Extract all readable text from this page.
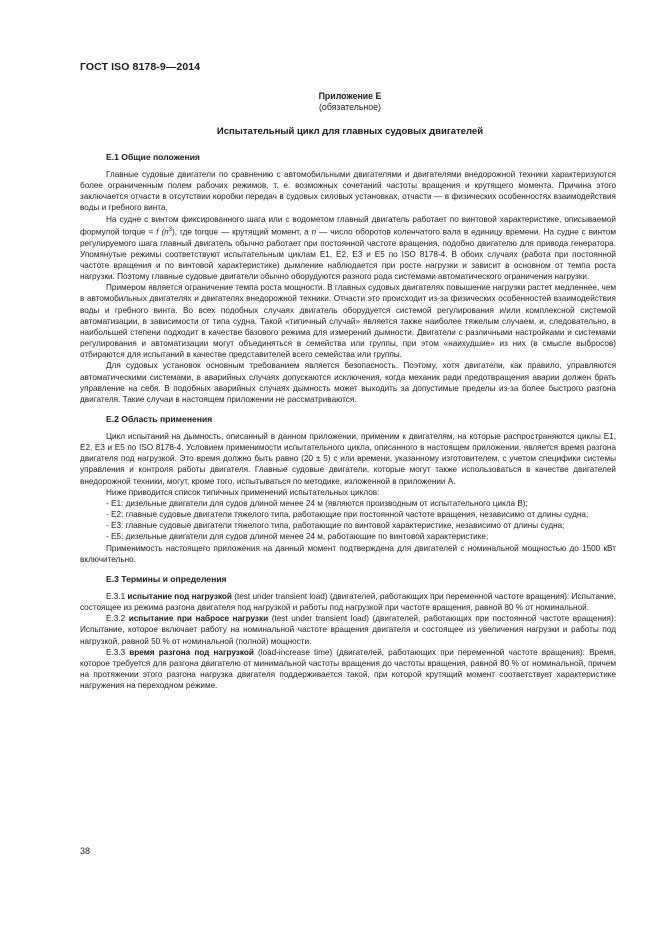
ГОСТ ISO 8178-9—2014
Приложение Е
(обязательное)
Испытательный цикл для главных судовых двигателей
Е.1 Общие положения

Главные судовые двигатели по сравнению с автомобильными двигателями и двигателями внедорожной техники характеризуются более ограниченным полем рабочих режимов, т. е. возможных сочетаний частоты вращения и крутящего момента. Причина этого заключается отчасти в отсутствии коробки передач в судовых силовых установках, отчасти — в физических особенностях взаимодействия воды и гребного винта.

На судне с винтом фиксированного шага или с водометом главный двигатель работает по винтовой характеристике, описываемой формулой torque = f $(n^3)$, где torque — крутящий момент, а n — число оборотов коленчатого вала в единицу времени. На судне с винтом регулируемого шага главный двигатель обычно работает при постоянной частоте вращения, подобно двигателю для привода генератора. Упомянутые режимы соответствуют испытательным циклам Е1, Е2, Е3 и Е5 по ISO 8178-4. В обоих случаях (работа при постоянной частоте вращения и по винтовой характеристике) дымление наблюдается при росте нагрузки и зависит в основном от темпа роста нагрузки. Поэтому главные судовые двигатели обычно оборудуются разного рода системами автоматического ограничения нагрузки.

Примером является ограничение темпа роста мощности. В главных судовых двигателях повышение нагрузки растет медленнее, чем в автомобильных двигателях и двигателях внедорожной техники. Отчасти это происходит из-за физических особенностей взаимодействия воды и гребного винта. Во всех подобных случаях двигатель оборудуется системой регулирования и/или комплексной системой автоматизации, в зависимости от типа судна. Такой «типичный случай» является также наиболее тяжелым случаем, и, следовательно, в наибольшей степени подходит в качестве базового режима для измерений дымности. Двигатели с различными настройками и системами регулирования и автоматизации могут объединяться в семейства или группы, при этом «наихудшие» из них (в смысле выбросов) отбираются для испытаний в качестве представителей всего семейства или группы.

Для судовых установок основным требованием является безопасность. Поэтому, хотя двигатели, как правило, управляются автоматическими системами, в аварийных случаях допускаются исключения, когда механик ради предотвращения аварии должен брать управление на себя. В подобных аварийных случаях дымность может выходить за допустимые пределы из-за более быстрого разгона двигателя. Такие случаи в настоящем приложении не рассматриваются.

Е.2 Область применения

Цикл испытаний на дымность, описанный в данном приложении, применим к двигателям, на которые распространяются циклы Е1, Е2, Е3 и Е5 по ISO 8178-4. Условием применимости испытательного цикла, описанного в настоящем приложении, является время разгона двигателя под нагрузкой. Это время должно быть равно (20 ± 5) с или времени, указанному изготовителем, с учетом специфики системы управления и контроля работы двигателя. Главные судовые двигатели, которые могут также использоваться в качестве двигателей внедорожной техники, могут, кроме того, испытываться по методике, изложенной в приложении А.

Ниже приводится список типичных применений испытательных циклов:

- Е1: дизельные двигатели для судов длиной менее 24 м (являются производным от испытательного цикла В);

- Е2: главные судовые двигатели тяжелого типа, работающие при постоянной частоте вращения, независимо от длины судна;

- Е3: главные судовые двигатели тяжелого типа, работающие по винтовой характеристике, независимо от длины судна;

- Е5: дизельные двигатели для судов длиной менее 24 м, работающие по винтовой характеристике;

Применимость настоящего приложения на данный момент подтверждена для двигателей с номинальной мощностью до 1500 кВт включительно.

Е.3 Термины и определения

Е.3.1 испытание под нагрузкой (test under transient load) (двигателей, работающих при переменной частоте вращения): Испытание, состоящее из режима разгона двигателя под нагрузкой и работы под нагрузкой при частоте вращения, равной 80 % от номинальной.

Е.3.2 испытание при набросе нагрузки (test under transient load) (двигателей, работающих при постоянной частоте вращения): Испытание, которое включает работу на номинальной частоте вращения двигателя и состоящее из увеличения нагрузки и работы под нагрузкой, равной 50 % от номинальной (полной) мощности.

Е.3.3 время разгона под нагрузкой (load-increase time) (двигателей, работающих при переменной частоте вращения): Время, которое требуется для разгона двигателю от минимальной частоты вращения до частоты вращения, равной 80 % от номинальной, причем на протяжении этого разгона нагрузка двигателя поддерживается такой, при которой крутящий момент соответствует характеристике нагружения на переходном режиме.

38
